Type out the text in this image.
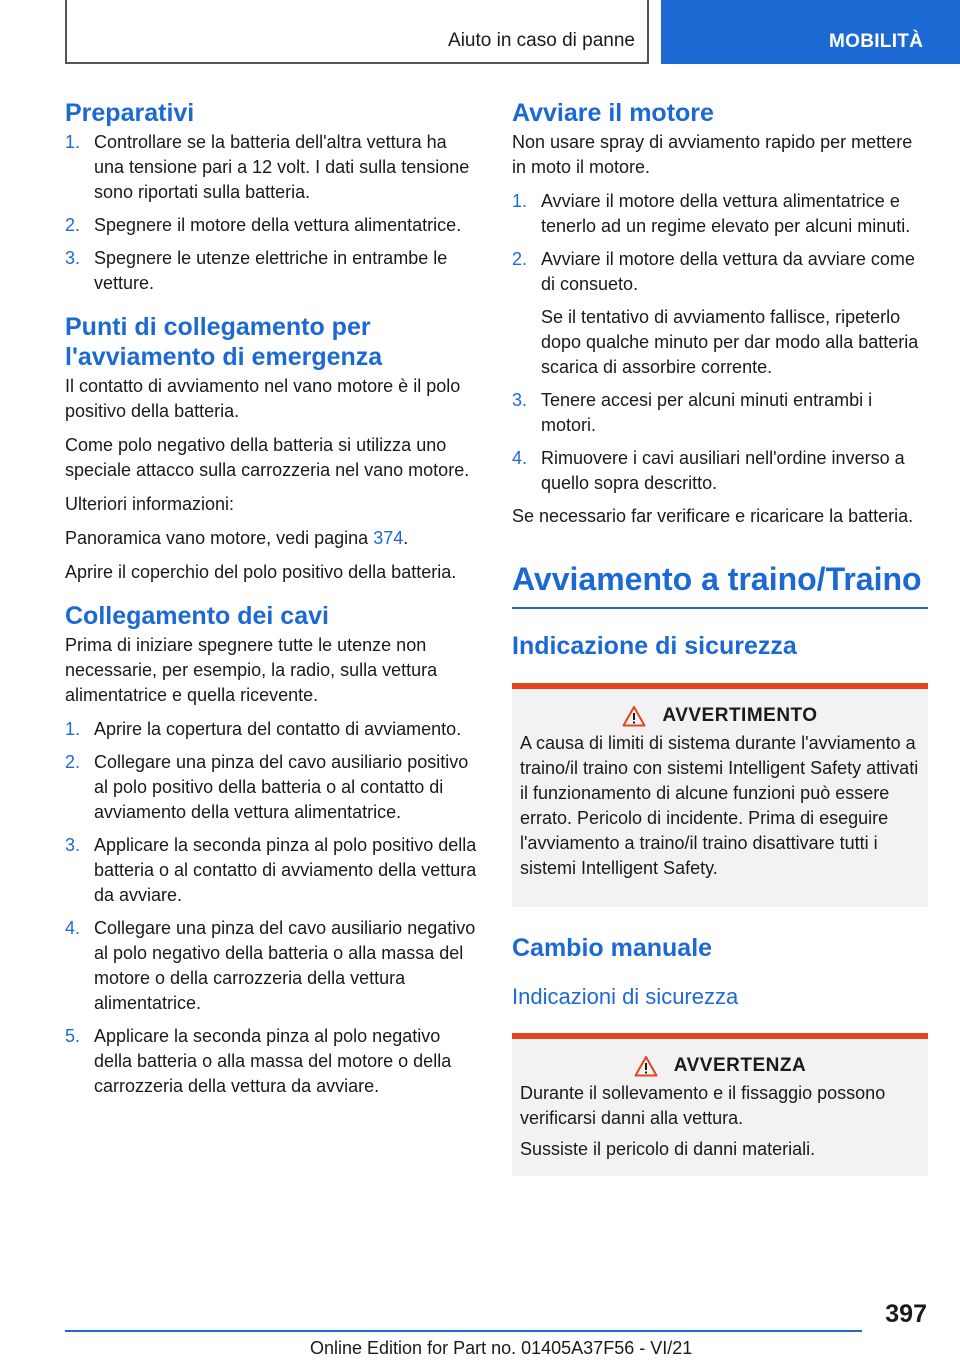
Aiuto in caso di panne	MOBILITÀ
Preparativi
1. Controllare se la batteria dell'altra vettura ha una tensione pari a 12 volt. I dati sulla tensione sono riportati sulla batteria.
2. Spegnere il motore della vettura alimentatrice.
3. Spegnere le utenze elettriche in entrambe le vetture.
Punti di collegamento per l'avviamento di emergenza

Il contatto di avviamento nel vano motore è il polo positivo della batteria.

Come polo negativo della batteria si utilizza uno speciale attacco sulla carrozzeria nel vano motore.

Ulteriori informazioni:

Panoramica vano motore, vedi pagina 374.

Aprire il coperchio del polo positivo della batteria.

Collegamento dei cavi

Prima di iniziare spegnere tutte le utenze non necessarie, per esempio, la radio, sulla vettura alimentatrice e quella ricevente.

1. Aprire la copertura del contatto di avviamento.
2. Collegare una pinza del cavo ausiliario positivo al polo positivo della batteria o al contatto di avviamento della vettura alimentatrice.
3. Applicare la seconda pinza al polo positivo della batteria o al contatto di avviamento della vettura da avviare.
4. Collegare una pinza del cavo ausiliario negativo al polo negativo della batteria o alla massa del motore o della carrozzeria della vettura alimentatrice.
5. Applicare la seconda pinza al polo negativo della batteria o alla massa del motore o della carrozzeria della vettura da avviare.
Avviare il motore

Non usare spray di avviamento rapido per mettere in moto il motore.

1. Avviare il motore della vettura alimentatrice e tenerlo ad un regime elevato per alcuni minuti.
2. Avviare il motore della vettura da avviare come di consueto.

Se il tentativo di avviamento fallisce, ripeterlo dopo qualche minuto per dar modo alla batteria scarica di assorbire corrente.

3. Tenere accesi per alcuni minuti entrambi i motori.
4. Rimuovere i cavi ausiliari nell'ordine inverso a quello sopra descritto.

Se necessario far verificare e ricaricare la batteria.

Avviamento a traino/Traino
Indicazione di sicurezza
AVVERTIMENTO

A causa di limiti di sistema durante l'avviamento a traino/il traino con sistemi Intelligent Safety attivati il funzionamento di alcune funzioni può essere errato. Pericolo di incidente. Prima di eseguire l'avviamento a traino/il traino disattivare tutti i sistemi Intelligent Safety.

Cambio manuale
Indicazioni di sicurezza
AVVERTENZA

Durante il sollevamento e il fissaggio possono verificarsi danni alla vettura.

Sussiste il pericolo di danni materiali.

397
Online Edition for Part no. 01405A37F56 - VI/21
